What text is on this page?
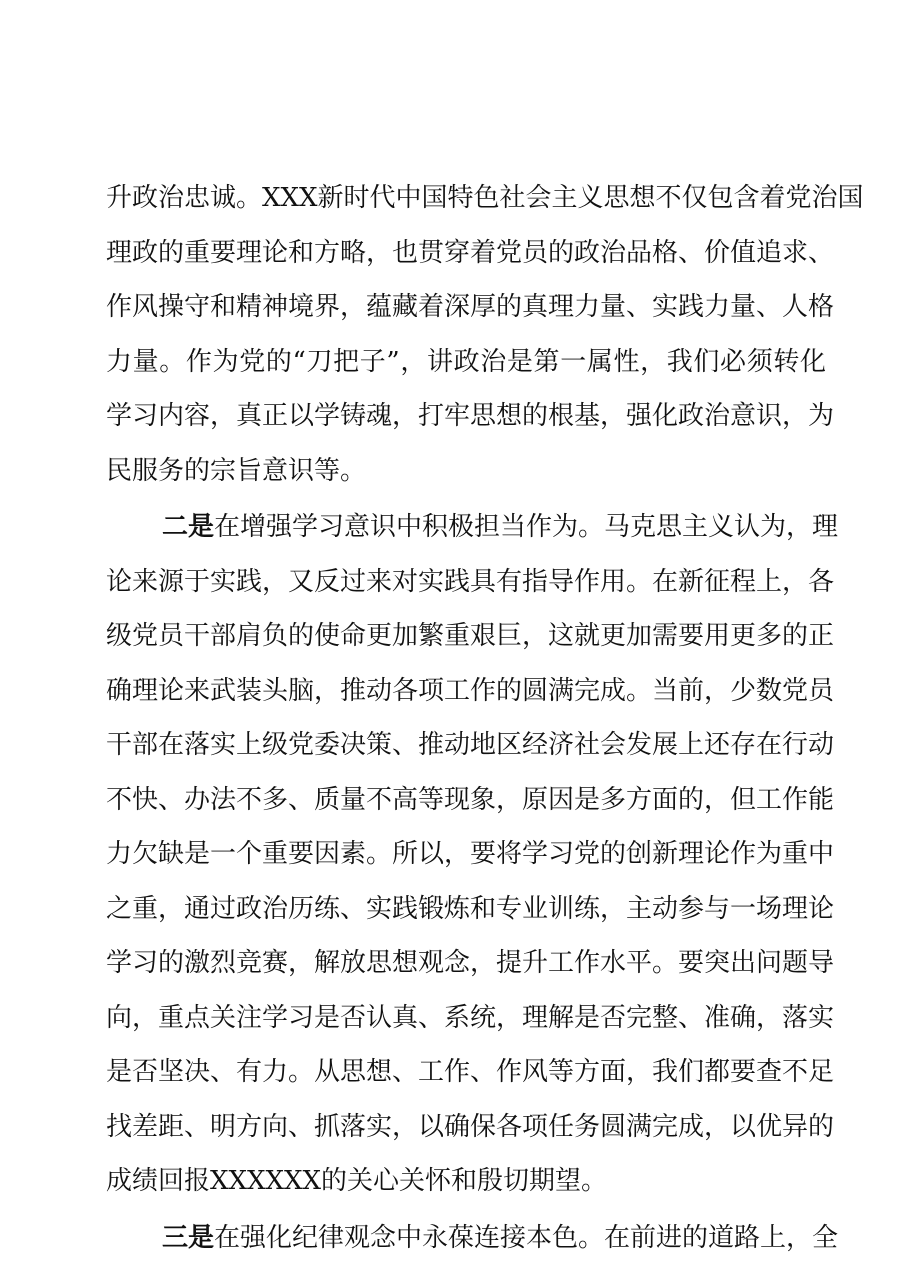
升政治忠诚。XXX新时代中国特色社会主义思想不仅包含着党治国
理政的重要理论和方略，也贯穿着党员的政治品格、价值追求、
作风操守和精神境界，蕴藏着深厚的真理力量、实践力量、人格
力量。作为党的“刀把子”，讲政治是第一属性，我们必须转化
学习内容，真正以学铸魂，打牢思想的根基，强化政治意识，为
民服务的宗旨意识等。
二是在增强学习意识中积极担当作为。马克思主义认为，理
论来源于实践，又反过来对实践具有指导作用。在新征程上，各
级党员干部肩负的使命更加繁重艰巨，这就更加需要用更多的正
确理论来武装头脑，推动各项工作的圆满完成。当前，少数党员
干部在落实上级党委决策、推动地区经济社会发展上还存在行动
不快、办法不多、质量不高等现象，原因是多方面的，但工作能
力欠缺是一个重要因素。所以，要将学习党的创新理论作为重中
之重，通过政治历练、实践锻炼和专业训练，主动参与一场理论
学习的激烈竞赛，解放思想观念，提升工作水平。要突出问题导
向，重点关注学习是否认真、系统，理解是否完整、准确，落实
是否坚决、有力。从思想、工作、作风等方面，我们都要查不足
找差距、明方向、抓落实，以确保各项任务圆满完成，以优异的
成绩回报XXXXXX的关心关怀和殷切期望。
三是在强化纪律观念中永葆连接本色。在前进的道路上，全
